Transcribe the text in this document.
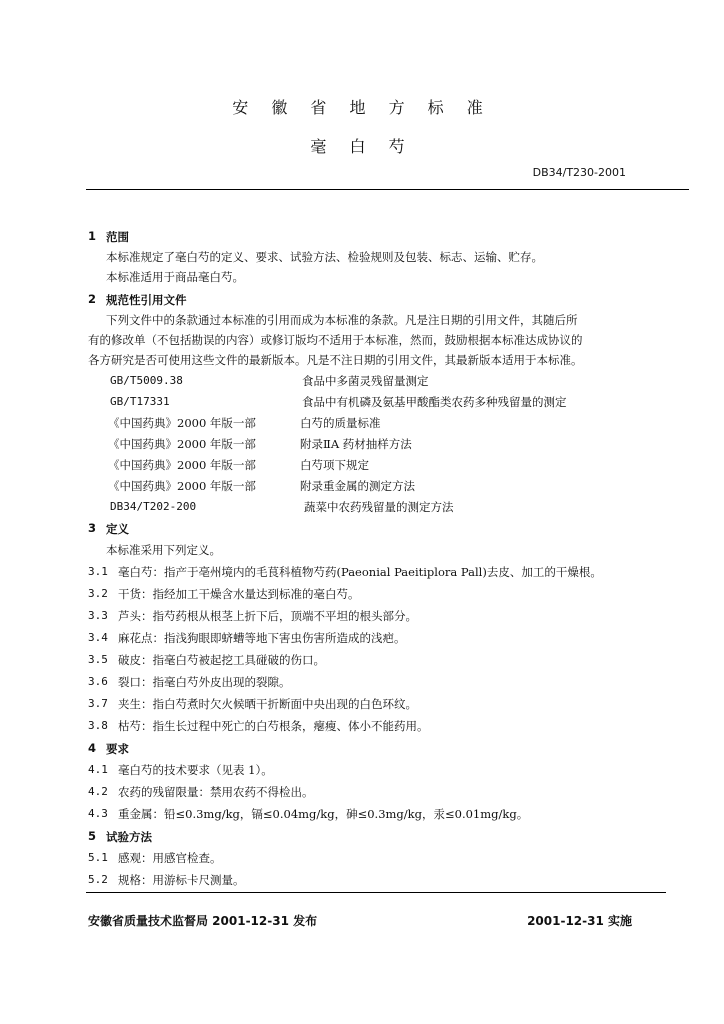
安 徽 省 地 方 标 准
毫 白 芍
DB34/T230-2001
1 范围
本标准规定了毫白芍的定义、要求、试验方法、检验规则及包装、标志、运输、贮存。
本标准适用于商品毫白芍。
2 规范性引用文件
下列文件中的条款通过本标准的引用而成为本标准的条款。凡是注日期的引用文件，其随后所
有的修改单（不包括勘误的内容）或修订版均不适用于本标准，然而，鼓励根据本标准达成协议的
各方研究是否可使用这些文件的最新版本。凡是不注日期的引用文件，其最新版本适用于本标准。
GB/T5009.38	食品中多菌灵残留量测定
GB/T17331	食品中有机磷及氨基甲酸酯类农药多种残留量的测定
《中国药典》2000 年版一部	白芍的质量标准
《中国药典》2000 年版一部	附录ⅡA 药材抽样方法
《中国药典》2000 年版一部	白芍项下规定
《中国药典》2000 年版一部	附录重金属的测定方法
DB34/T202-200	蔬菜中农药残留量的测定方法
3 定义
本标准采用下列定义。
3.1 毫白芍：指产于亳州境内的毛茛科植物芍药(Paeonial Paeitiplora Pall)去皮、加工的干燥根。
3.2 干货：指经加工干燥含水量达到标准的毫白芍。
3.3 芦头：指芍药根从根茎上折下后，顶端不平坦的根头部分。
3.4 麻花点：指浅狗眼即蛴螬等地下害虫伤害所造成的浅疤。
3.5 破皮：指毫白芍被起挖工具碰破的伤口。
3.6 裂口：指毫白芍外皮出现的裂隙。
3.7 夹生：指白芍煮时欠火候晒干折断面中央出现的白色环纹。
3.8 枯芍：指生长过程中死亡的白芍根条，瘪瘦、体小不能药用。
4 要求
4.1 毫白芍的技术要求（见表 1）。
4.2 农药的残留限量：禁用农药不得检出。
4.3 重金属：铅≤0.3mg/kg，镉≤0.04mg/kg，砷≤0.3mg/kg，汞≤0.01mg/kg。
5 试验方法
5.1 感观：用感官检查。
5.2 规格：用游标卡尺测量。
安徽省质量技术监督局 2001-12-31 发布	2001-12-31 实施
